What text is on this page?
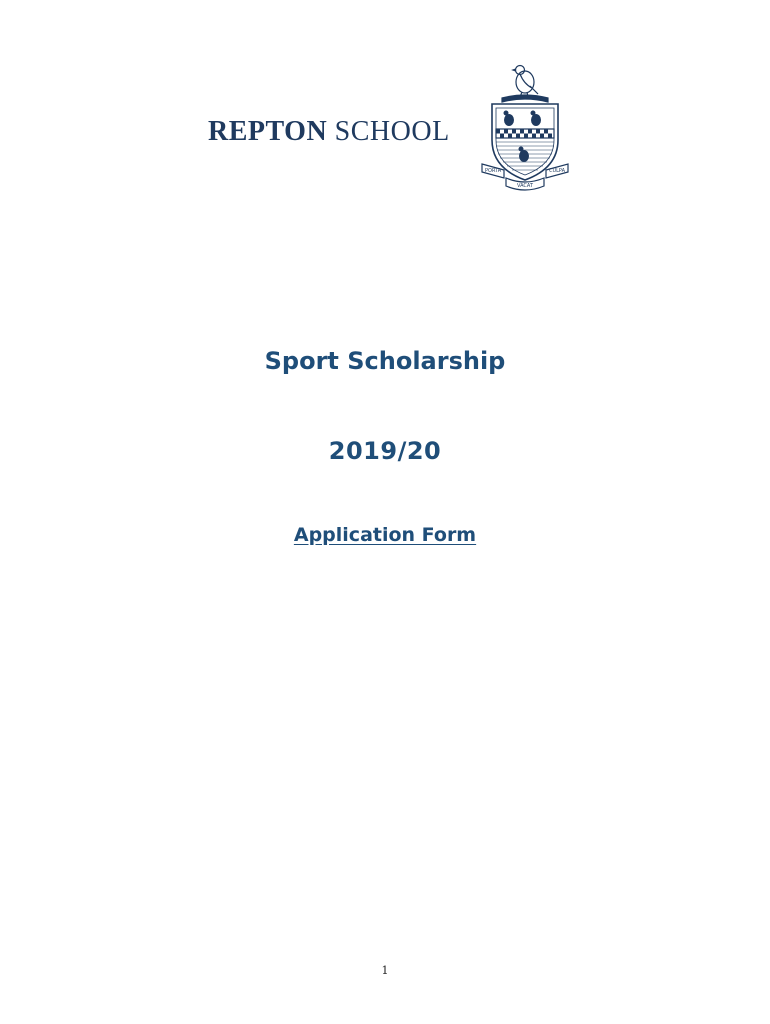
REPTON SCHOOL
PORTA
VACAT
CULPA
Sport Scholarship
2019/20
Application Form
1
